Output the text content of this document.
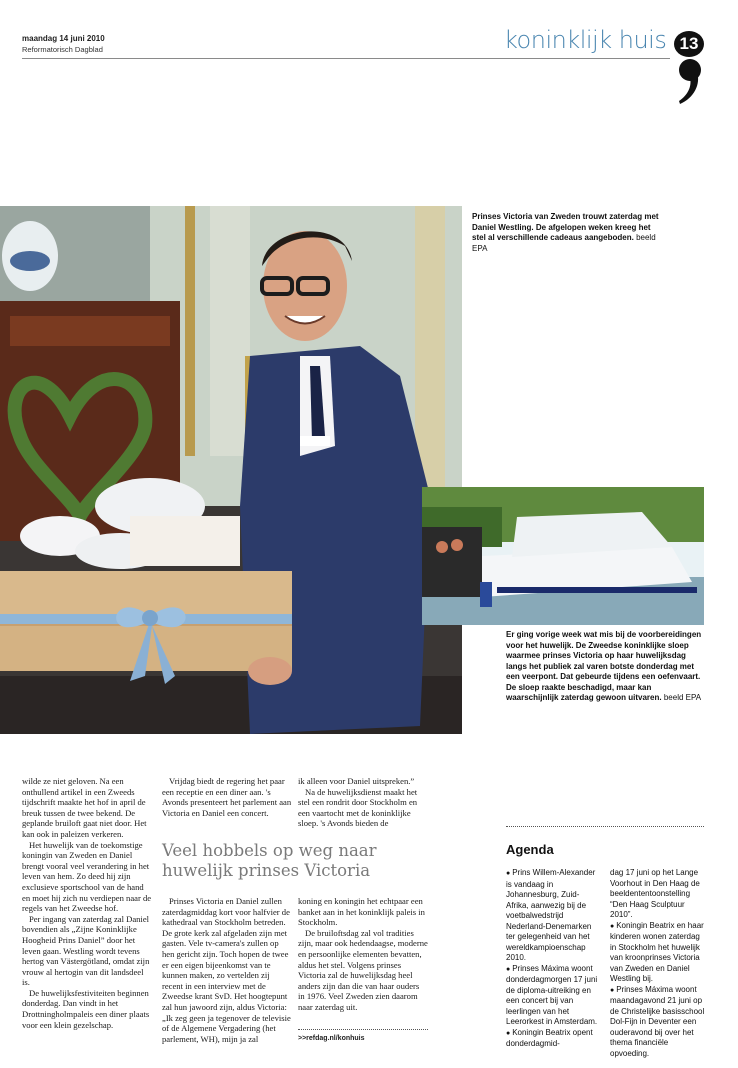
maandag 14 juni 2010
Reformatorisch Dagblad	koninklijk huis 13
Prinses Victoria van Zweden trouwt zaterdag met Daniel Westling. De afgelopen weken kreeg het stel al verschillende cadeaus aangeboden. beeld EPA
Er ging vorige week wat mis bij de voorbereidingen voor het huwelijk. De Zweedse koninklijke sloep waarmee prinses Victoria op haar huwelijksdag langs het publiek zal varen botste donderdag met een veerpont. Dat gebeurde tijdens een oefenvaart. De sloep raakte beschadigd, maar kan waarschijnlijk zaterdag gewoon uitvaren. beeld EPA

wilde ze niet geloven. Na een onthullend artikel in een Zweeds tijdschrift maakte het hof in april de breuk tussen de twee bekend. De geplande bruiloft gaat niet door. Het kan ook in paleizen verkeren.

Het huwelijk van de toekomstige koningin van Zweden en Daniel brengt vooral veel verandering in het leven van hem. Zo deed hij zijn exclusieve sportschool van de hand en moet hij zich nu verdiepen naar de regels van het Zweedse hof.

Per ingang van zaterdag zal Daniel bovendien als „Zijne Koninklijke Hoogheid Prins Daniel” door het leven gaan. Westling wordt tevens hertog van Västergötland, omdat zijn vrouw al hertogin van dit landsdeel is.

De huwelijksfestiviteiten beginnen donderdag. Dan vindt in het Drottningholmpaleis een diner plaats voor een klein gezelschap.

Vrijdag biedt de regering het paar een receptie en een diner aan. 's Avonds presenteert het parlement aan Victoria en Daniel een concert.

ik alleen voor Daniel uitspreken.”

Na de huwelijksdienst maakt het stel een rondrit door Stockholm en een vaartocht met de koninklijke sloep. 's Avonds bieden de

Veel hobbels op weg naar huwelijk prinses Victoria

Prinses Victoria en Daniel zullen zaterdagmiddag kort voor halfvier de kathedraal van Stockholm betreden. De grote kerk zal afgeladen zijn met gasten. Vele tv-camera's zullen op hen gericht zijn. Toch hopen de twee er een eigen bijeenkomst van te kunnen maken, zo vertelden zij recent in een interview met de Zweedse krant SvD. Het hoogtepunt zal hun jawoord zijn, aldus Victoria: „Ik zeg geen ja tegenover de televisie of de Algemene Vergadering (het parlement, WH), mijn ja zal

koning en koningin het echtpaar een banket aan in het koninklijk paleis in Stockholm.

De bruiloftsdag zal vol tradities zijn, maar ook hedendaagse, moderne en persoonlijke elementen bevatten, aldus het stel. Volgens prinses Victoria zal de huwelijksdag heel anders zijn dan die van haar ouders in 1976. Veel Zweden zien daarom naar zaterdag uit.

>>refdag.nl/konhuis
Agenda
● Prins Willem-Alexander is vandaag in Johannesburg, Zuid-Afrika, aanwezig bij de voetbalwedstrijd Nederland-Denemarken ter gelegenheid van het wereldkampioenschap 2010.
● Prinses Máxima woont donderdagmorgen 17 juni de diploma-uitreiking en een concert bij van leerlingen van het Leerorkest in Amsterdam.
● Koningin Beatrix opent donderdagmid-
dag 17 juni op het Lange Voorhout in Den Haag de beeldententoonstelling “Den Haag Sculptuur 2010”.
● Koningin Beatrix en haar kinderen wonen zaterdag in Stockholm het huwelijk van kroonprinses Victoria van Zweden en Daniel Westling bij.
● Prinses Máxima woont maandagavond 21 juni op de Christelijke basisschool Dol-Fijn in Deventer een ouderavond bij over het thema financiële opvoeding.
